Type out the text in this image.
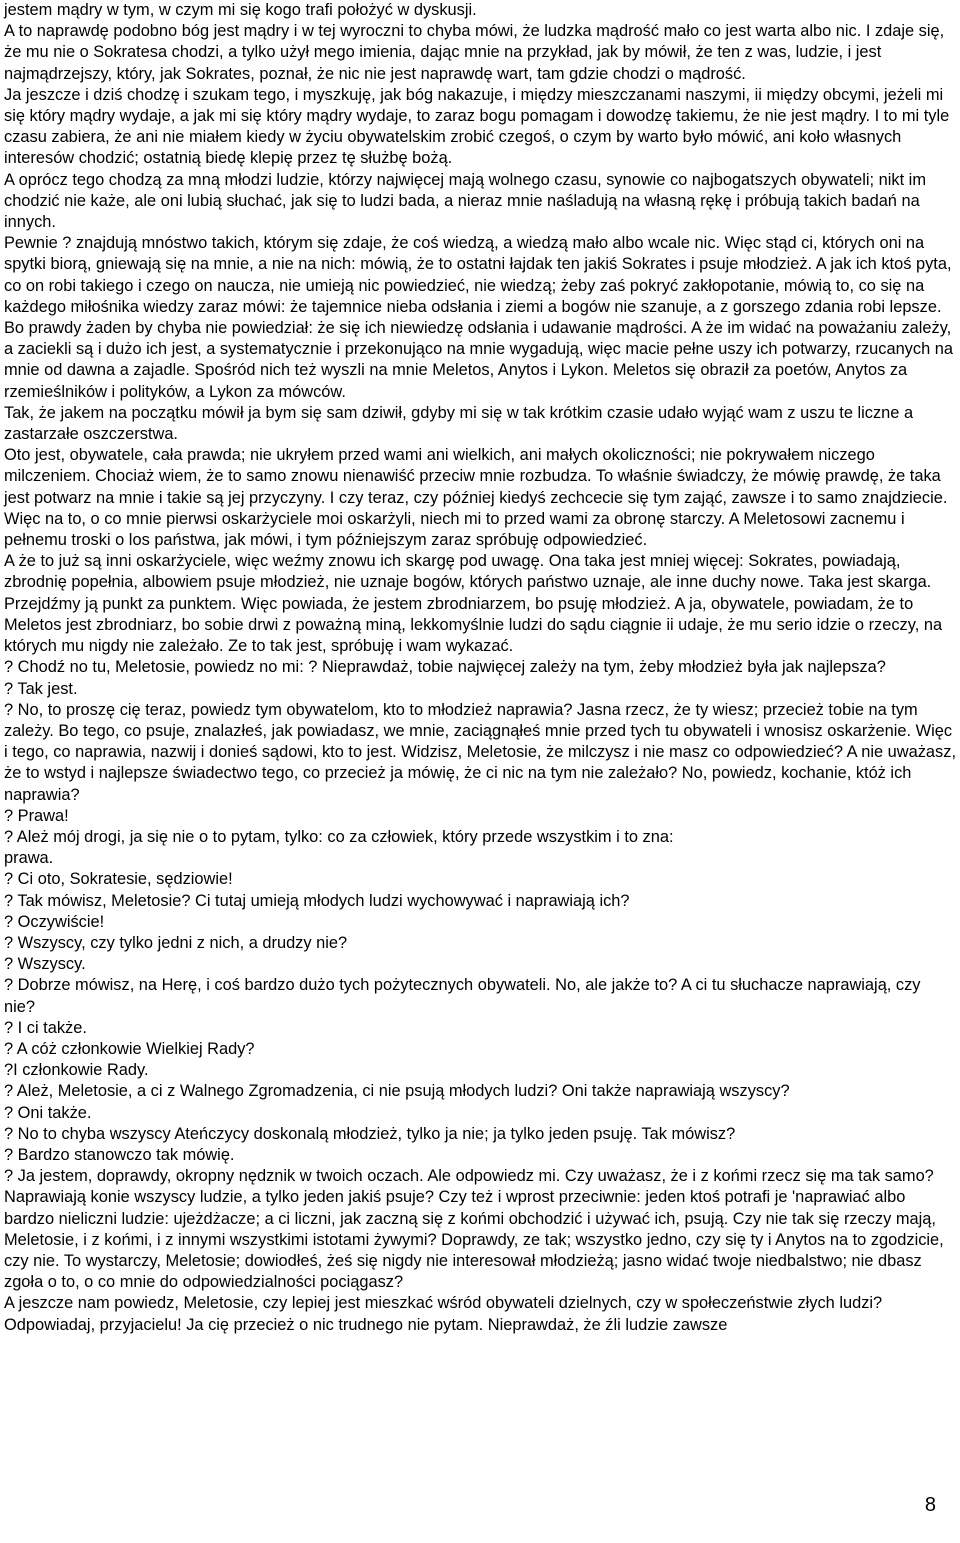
jestem mądry w tym, w czym mi się kogo trafi położyć w dyskusji.

A to naprawdę podobno bóg jest mądry i w tej wyroczni to chyba mówi, że ludzka mądrość mało co jest warta albo nic. I zdaje się, że mu nie o Sokratesa chodzi, a tylko użył mego imienia, dając mnie na przykład, jak by mówił, że ten z was, ludzie, i jest najmądrzejszy, który, jak Sokrates, poznał, że nic nie jest naprawdę wart, tam gdzie chodzi o mądrość.

Ja jeszcze i dziś chodzę i szukam tego, i myszkuję, jak bóg nakazuje, i między mieszczanami naszymi, ii między obcymi, jeżeli mi się który mądry wydaje, a jak mi się który mądry wydaje, to zaraz bogu pomagam i dowodzę takiemu, że nie jest mądry. I to mi tyle czasu zabiera, że ani nie miałem kiedy w życiu obywatelskim zrobić czegoś, o czym by warto było mówić, ani koło własnych interesów chodzić; ostatnią biedę klepię przez tę służbę bożą.

A oprócz tego chodzą za mną młodzi ludzie, którzy najwięcej mają wolnego czasu, synowie co najbogatszych obywateli; nikt im chodzić nie każe, ale oni lubią słuchać, jak się to ludzi bada, a nieraz mnie naśladują na własną rękę i próbują takich badań na innych.

Pewnie ? znajdują mnóstwo takich, którym się zdaje, że coś wiedzą, a wiedzą mało albo wcale nic. Więc stąd ci, których oni na spytki biorą, gniewają się na mnie, a nie na nich: mówią, że to ostatni łajdak ten jakiś Sokrates i psuje młodzież. A jak ich ktoś pyta, co on robi takiego i czego on naucza, nie umieją nic powiedzieć, nie wiedzą; żeby zaś pokryć zakłopotanie, mówią to, co się na każdego miłośnika wiedzy zaraz mówi: że tajemnice nieba odsłania i ziemi a bogów nie szanuje, a z gorszego zdania robi lepsze.

Bo prawdy żaden by chyba nie powiedział: że się ich niewiedzę odsłania i udawanie mądrości. A że im widać na poważaniu zależy, a zaciekli są i dużo ich jest, a systematycznie i przekonująco na mnie wygadują, więc macie pełne uszy ich potwarzy, rzucanych na mnie od dawna a zajadle. Spośród nich też wyszli na mnie Meletos, Anytos i Lykon. Meletos się obraził za poetów, Anytos za rzemieślników i polityków, a Lykon za mówców.

Tak, że jakem na początku mówił ja bym się sam dziwił, gdyby mi się w tak krótkim czasie udało wyjąć wam z uszu te liczne a zastarzałe oszczerstwa.

Oto jest, obywatele, cała prawda; nie ukryłem przed wami ani wielkich, ani małych okoliczności; nie pokrywałem niczego milczeniem. Chociaż wiem, że to samo znowu nienawiść przeciw mnie rozbudza. To właśnie świadczy, że mówię prawdę, że taka jest potwarz na mnie i takie są jej przyczyny. I czy teraz, czy później kiedyś zechcecie się tym zająć, zawsze i to samo znajdziecie.

Więc na to, o co mnie pierwsi oskarżyciele moi oskarżyli, niech mi to przed wami za obronę starczy. A Meletosowi zacnemu i pełnemu troski o los państwa, jak mówi, i tym późniejszym zaraz spróbuję odpowiedzieć.

A że to już są inni oskarżyciele, więc weźmy znowu ich skargę pod uwagę. Ona taka jest mniej więcej: Sokrates, powiadają, zbrodnię popełnia, albowiem psuje młodzież, nie uznaje bogów, których państwo uznaje, ale inne duchy nowe. Taka jest skarga. Przejdźmy ją punkt za punktem. Więc powiada, że jestem zbrodniarzem, bo psuję młodzież. A ja, obywatele, powiadam, że to Meletos jest zbrodniarz, bo sobie drwi z poważną miną, lekkomyślnie ludzi do sądu ciągnie ii udaje, że mu serio idzie o rzeczy, na których mu nigdy nie zależało. Ze to tak jest, spróbuję i wam wykazać.

? Chodź no tu, Meletosie, powiedz no mi: ? Nieprawdaż, tobie najwięcej zależy na tym, żeby młodzież była jak najlepsza?

? Tak jest.

? No, to proszę cię teraz, powiedz tym obywatelom, kto to młodzież naprawia? Jasna rzecz, że ty wiesz; przecież tobie na tym zależy. Bo tego, co psuje, znalazłeś, jak powiadasz, we mnie, zaciągnąłeś mnie przed tych tu obywateli i wnosisz oskarżenie. Więc i tego, co naprawia, nazwij i donieś sądowi, kto to jest. Widzisz, Meletosie, że milczysz i nie masz co odpowiedzieć? A nie uważasz, że to wstyd i najlepsze świadectwo tego, co przecież ja mówię, że ci nic na tym nie zależało? No, powiedz, kochanie, któż ich naprawia?

? Prawa!

? Ależ mój drogi, ja się nie o to pytam, tylko: co za człowiek, który przede wszystkim i to zna:

prawa.

? Ci oto, Sokratesie, sędziowie!

? Tak mówisz, Meletosie? Ci tutaj umieją młodych ludzi wychowywać i naprawiają ich?

? Oczywiście!

? Wszyscy, czy tylko jedni z nich, a drudzy nie?

? Wszyscy.

? Dobrze mówisz, na Herę, i coś bardzo dużo tych pożytecznych obywateli. No, ale jakże to? A ci tu słuchacze naprawiają, czy nie?

? I ci także.

? A cóż członkowie Wielkiej Rady?

?I członkowie Rady.

? Ależ, Meletosie, a ci z Walnego Zgromadzenia, ci nie psują młodych ludzi? Oni także naprawiają wszyscy?

? Oni także.

? No to chyba wszyscy Ateńczycy doskonalą młodzież, tylko ja nie; ja tylko jeden psuję. Tak mówisz?

? Bardzo stanowczo tak mówię.

? Ja jestem, doprawdy, okropny nędznik w twoich oczach. Ale odpowiedz mi. Czy uważasz, że i z końmi rzecz się ma tak samo? Naprawiają konie wszyscy ludzie, a tylko jeden jakiś psuje? Czy też i wprost przeciwnie: jeden ktoś potrafi je 'naprawiać albo bardzo nieliczni ludzie: ujeżdżacze; a ci liczni, jak zaczną się z końmi obchodzić i używać ich, psują. Czy nie tak się rzeczy mają, Meletosie, i z końmi, i z innymi wszystkimi istotami żywymi? Doprawdy, ze tak; wszystko jedno, czy się ty i Anytos na to zgodzicie, czy nie. To wystarczy, Meletosie; dowiodłeś, żeś się nigdy nie interesował młodzieżą; jasno widać twoje niedbalstwo; nie dbasz zgoła o to, o co mnie do odpowiedzialności pociągasz?

A jeszcze nam powiedz, Meletosie, czy lepiej jest mieszkać wśród obywateli dzielnych, czy w społeczeństwie złych ludzi? Odpowiadaj, przyjacielu! Ja cię przecież o nic trudnego nie pytam. Nieprawdaż, że źli ludzie zawsze

8
